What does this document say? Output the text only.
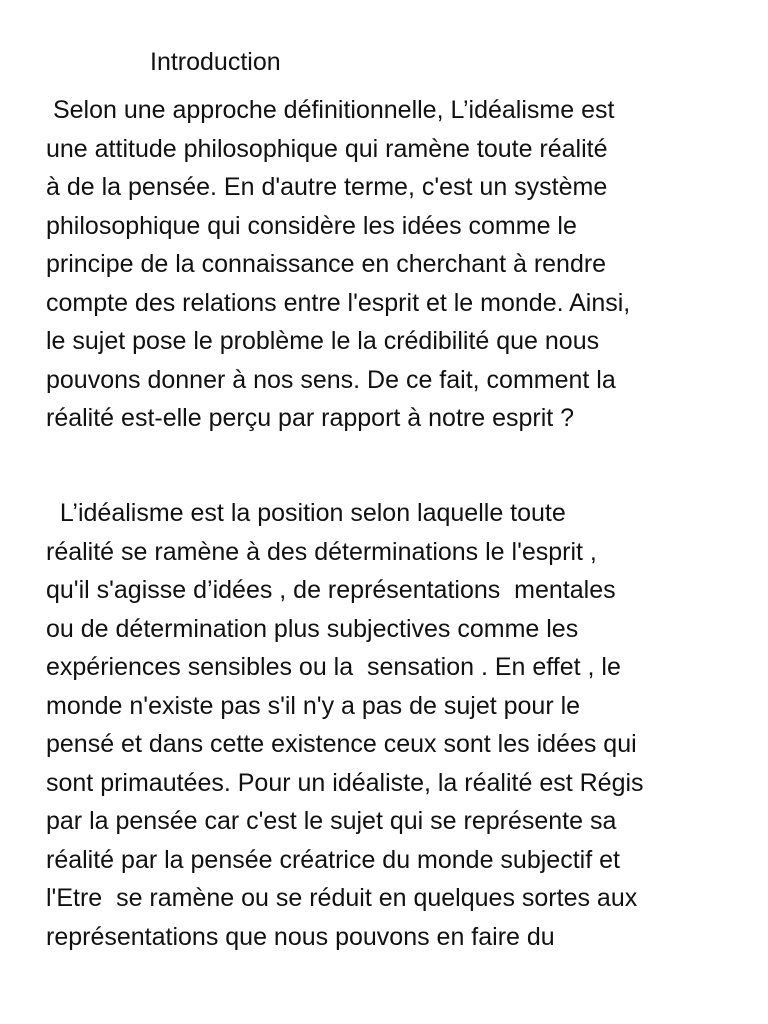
Introduction
Selon une approche définitionnelle, L’idéalisme est
une attitude philosophique qui ramène toute réalité
à de la pensée. En d'autre terme, c'est un système
philosophique qui considère les idées comme le
principe de la connaissance en cherchant à rendre
compte des relations entre l'esprit et le monde. Ainsi,
le sujet pose le problème le la crédibilité que nous
pouvons donner à nos sens. De ce fait, comment la
réalité est-elle perçu par rapport à notre esprit ?
L’idéalisme est la position selon laquelle toute
réalité se ramène à des déterminations le l'esprit ,
qu'il s'agisse d’idées , de représentations  mentales
ou de détermination plus subjectives comme les
expériences sensibles ou la  sensation . En effet , le
monde n'existe pas s'il n'y a pas de sujet pour le
pensé et dans cette existence ceux sont les idées qui
sont primautées. Pour un idéaliste, la réalité est Régis
par la pensée car c'est le sujet qui se représente sa
réalité par la pensée créatrice du monde subjectif et
l'Etre  se ramène ou se réduit en quelques sortes aux
représentations que nous pouvons en faire du
